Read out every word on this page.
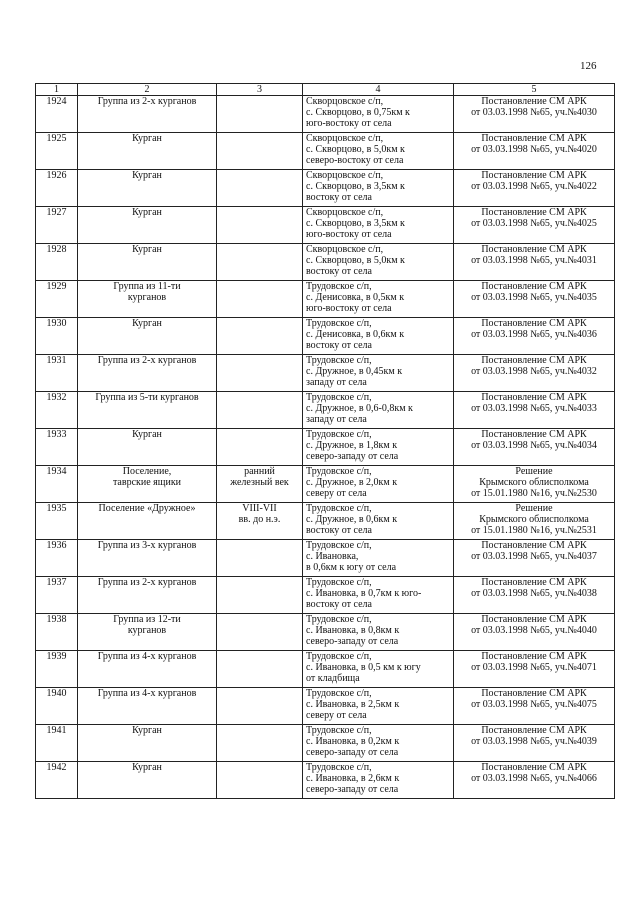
126
1	2	3	4	5
1924	Группа из 2-х курганов		Скворцовское с/п,
с. Скворцово, в 0,75км к
юго-востоку от села	Постановление СМ АРК
от 03.03.1998 №65, уч.№4030
1925	Курган		Скворцовское с/п,
с. Скворцово, в 5,0км к
северо-востоку от села	Постановление СМ АРК
от 03.03.1998 №65, уч.№4020
1926	Курган		Скворцовское с/п,
с. Скворцово, в 3,5км к
востоку от села	Постановление СМ АРК
от 03.03.1998 №65, уч.№4022
1927	Курган		Скворцовское с/п,
с. Скворцово, в 3,5км к
юго-востоку от села	Постановление СМ АРК
от 03.03.1998 №65, уч.№4025
1928	Курган		Скворцовское с/п,
с. Скворцово, в 5,0км к
востоку от села	Постановление СМ АРК
от 03.03.1998 №65, уч.№4031
1929	Группа из 11-ти
курганов		Трудовское с/п,
с. Денисовка, в 0,5км к
юго-востоку от села	Постановление СМ АРК
от 03.03.1998 №65, уч.№4035
1930	Курган		Трудовское с/п,
с. Денисовка, в 0,6км к
востоку от села	Постановление СМ АРК
от 03.03.1998 №65, уч.№4036
1931	Группа из 2-х курганов		Трудовское с/п,
с. Дружное, в 0,45км к
западу от села	Постановление СМ АРК
от 03.03.1998 №65, уч.№4032
1932	Группа из 5-ти курганов		Трудовское с/п,
с. Дружное, в 0,6-0,8км к
западу от села	Постановление СМ АРК
от 03.03.1998 №65, уч.№4033
1933	Курган		Трудовское с/п,
с. Дружное, в 1,8км к
северо-западу от села	Постановление СМ АРК
от 03.03.1998 №65, уч.№4034
1934	Поселение,
таврские ящики	ранний
железный век	Трудовское с/п,
с. Дружное, в 2,0км к
северу от села	Решение
Крымского облисполкома
от 15.01.1980 №16, уч.№2530
1935	Поселение «Дружное»	VIII-VII
вв. до н.э.	Трудовское с/п,
с. Дружное, в 0,6км к
востоку от села	Решение
Крымского облисполкома
от 15.01.1980 №16, уч.№2531
1936	Группа из 3-х курганов		Трудовское с/п,
с. Ивановка,
в 0,6км к югу от села	Постановление СМ АРК
от 03.03.1998 №65, уч.№4037
1937	Группа из 2-х курганов		Трудовское с/п,
с. Ивановка, в 0,7км к юго-
востоку от села	Постановление СМ АРК
от 03.03.1998 №65, уч.№4038
1938	Группа из 12-ти
курганов		Трудовское с/п,
с. Ивановка, в 0,8км к
северо-западу от села	Постановление СМ АРК
от 03.03.1998 №65, уч.№4040
1939	Группа из 4-х курганов		Трудовское с/п,
с. Ивановка, в 0,5 км к югу
от кладбища	Постановление СМ АРК
от 03.03.1998 №65, уч.№4071
1940	Группа из 4-х курганов		Трудовское с/п,
с. Ивановка, в 2,5км к
северу от села	Постановление СМ АРК
от 03.03.1998 №65, уч.№4075
1941	Курган		Трудовское с/п,
с. Ивановка, в 0,2км к
северо-западу от села	Постановление СМ АРК
от 03.03.1998 №65, уч.№4039
1942	Курган		Трудовское с/п,
с. Ивановка, в 2,6км к
северо-западу от села	Постановление СМ АРК
от 03.03.1998 №65, уч.№4066
